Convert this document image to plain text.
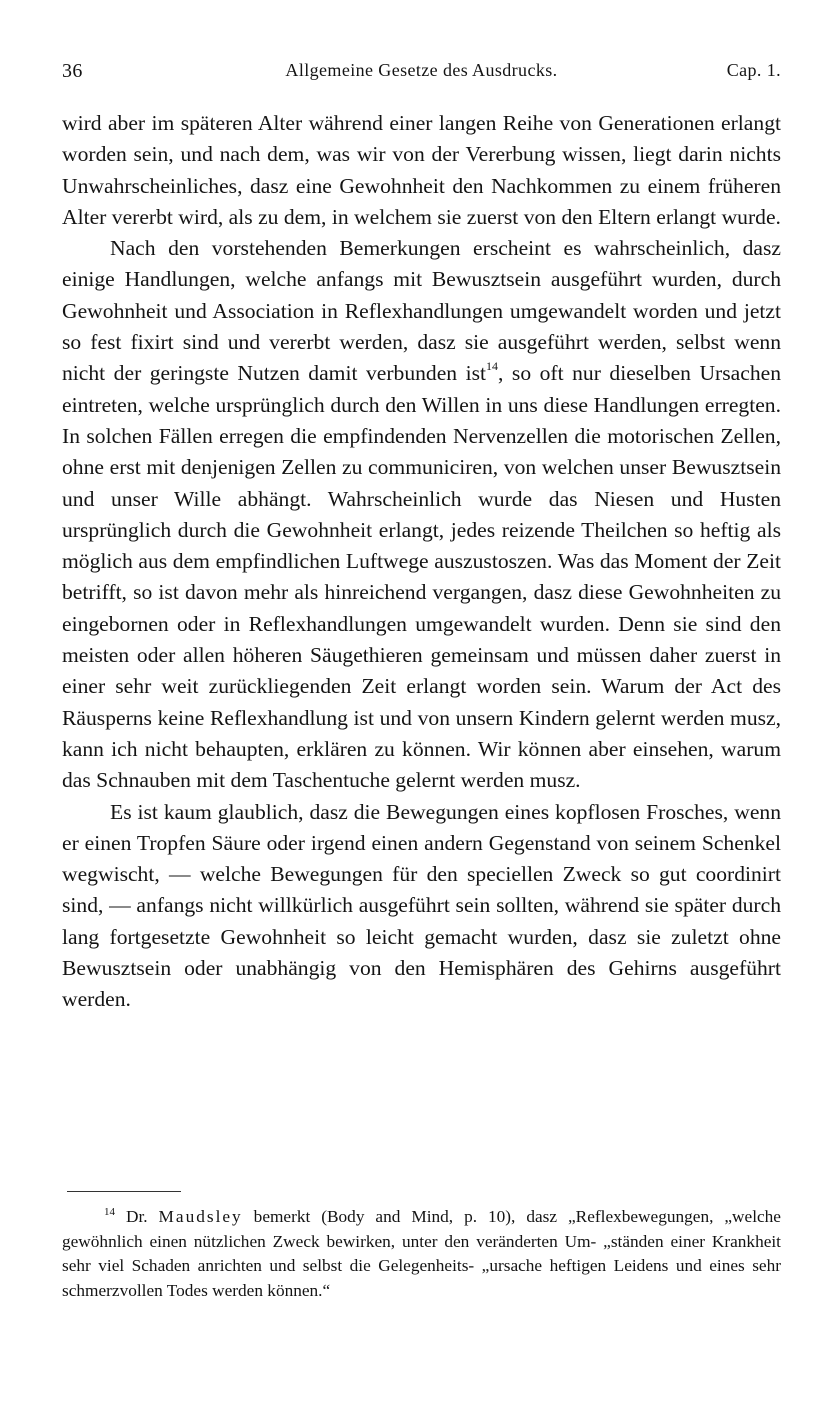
36	Allgemeine Gesetze des Ausdrucks.	Cap. 1.

wird aber im späteren Alter während einer langen Reihe von Generationen erlangt worden sein, und nach dem, was wir von der Vererbung wissen, liegt darin nichts Unwahrscheinliches, dasz eine Gewohnheit den Nachkommen zu einem früheren Alter vererbt wird, als zu dem, in welchem sie zuerst von den Eltern erlangt wurde.

Nach den vorstehenden Bemerkungen erscheint es wahrscheinlich, dasz einige Handlungen, welche anfangs mit Bewusztsein ausgeführt wurden, durch Gewohnheit und Association in Reflexhandlungen umgewandelt worden und jetzt so fest fixirt sind und vererbt werden, dasz sie ausgeführt werden, selbst wenn nicht der geringste Nutzen damit verbunden ist$^{14}$, so oft nur dieselben Ursachen eintreten, welche ursprünglich durch den Willen in uns diese Handlungen erregten. In solchen Fällen erregen die empfindenden Nervenzellen die motorischen Zellen, ohne erst mit denjenigen Zellen zu communiciren, von welchen unser Bewusztsein und unser Wille abhängt. Wahrscheinlich wurde das Niesen und Husten ursprünglich durch die Gewohnheit erlangt, jedes reizende Theilchen so heftig als möglich aus dem empfindlichen Luftwege auszustoszen. Was das Moment der Zeit betrifft, so ist davon mehr als hinreichend vergangen, dasz diese Gewohnheiten zu eingebornen oder in Reflexhandlungen umgewandelt wurden. Denn sie sind den meisten oder allen höheren Säugethieren gemeinsam und müssen daher zuerst in einer sehr weit zurückliegenden Zeit erlangt worden sein. Warum der Act des Räusperns keine Reflexhandlung ist und von unsern Kindern gelernt werden musz, kann ich nicht behaupten, erklären zu können. Wir können aber einsehen, warum das Schnauben mit dem Taschentuche gelernt werden musz.

Es ist kaum glaublich, dasz die Bewegungen eines kopflosen Frosches, wenn er einen Tropfen Säure oder irgend einen andern Gegenstand von seinem Schenkel wegwischt, — welche Bewegungen für den speciellen Zweck so gut coordinirt sind, — anfangs nicht willkürlich ausgeführt sein sollten, während sie später durch lang fortgesetzte Gewohnheit so leicht gemacht wurden, dasz sie zuletzt ohne Bewusztsein oder unabhängig von den Hemisphären des Gehirns ausgeführt werden.

$^{14}$ Dr. Maudsley bemerkt (Body and Mind, p. 10), dasz „Reflexbewegungen, „welche gewöhnlich einen nützlichen Zweck bewirken, unter den veränderten Um- „ständen einer Krankheit sehr viel Schaden anrichten und selbst die Gelegenheits- „ursache heftigen Leidens und eines sehr schmerzvollen Todes werden können.“
